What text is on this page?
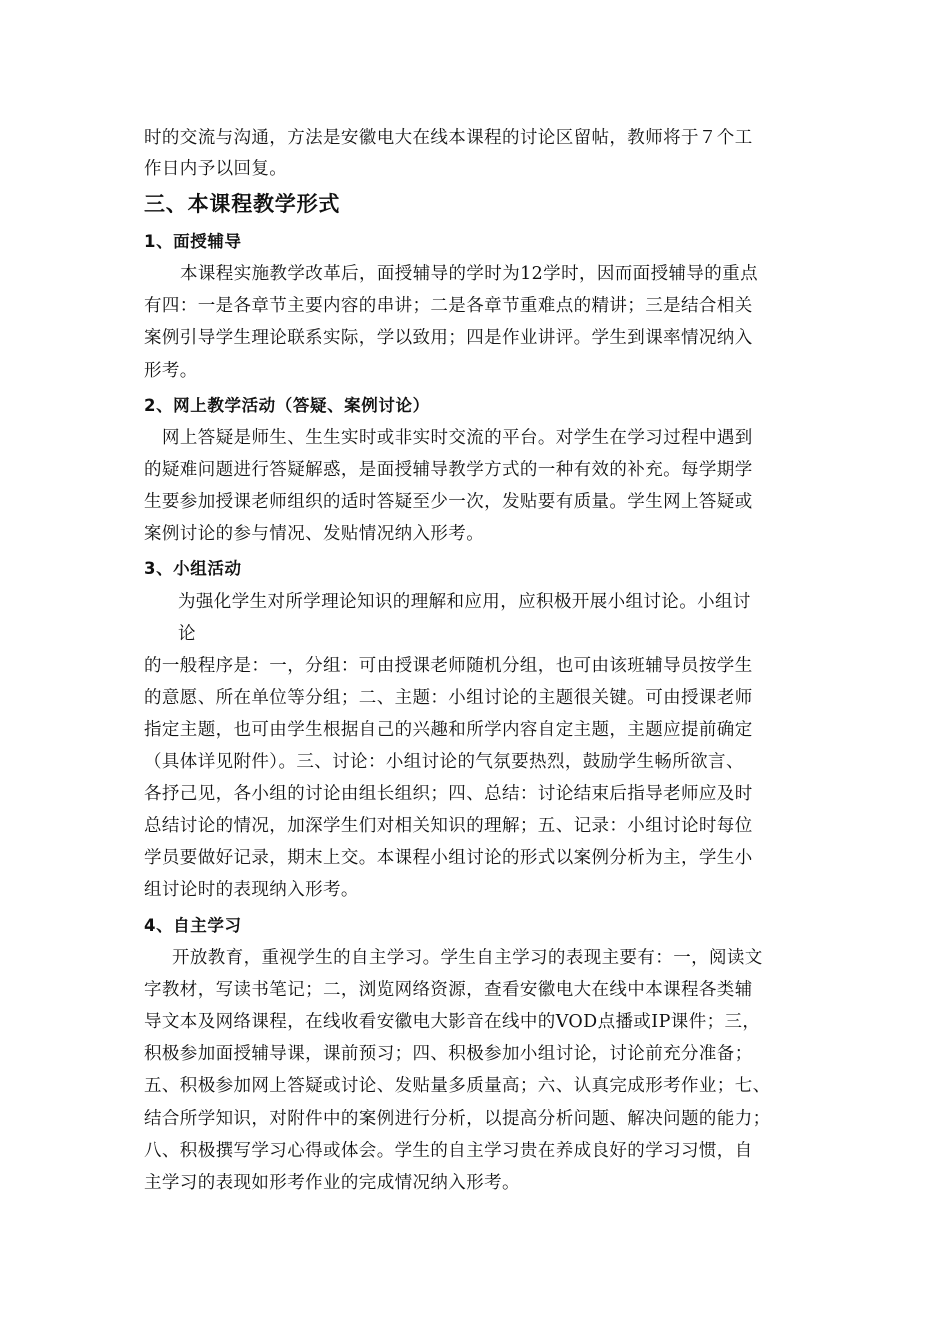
时的交流与沟通，方法是安徽电大在线本课程的讨论区留帖，教师将于７个工
作日内予以回复。
三、本课程教学形式
1、面授辅导
本课程实施教学改革后，面授辅导的学时为12学时，因而面授辅导的重点
有四：一是各章节主要内容的串讲；二是各章节重难点的精讲；三是结合相关
案例引导学生理论联系实际，学以致用；四是作业讲评。学生到课率情况纳入
形考。
2、网上教学活动（答疑、案例讨论）
网上答疑是师生、生生实时或非实时交流的平台。对学生在学习过程中遇到
的疑难问题进行答疑解惑，是面授辅导教学方式的一种有效的补充。每学期学
生要参加授课老师组织的适时答疑至少一次，发贴要有质量。学生网上答疑或
案例讨论的参与情况、发贴情况纳入形考。
3、小组活动
为强化学生对所学理论知识的理解和应用，应积极开展小组讨论。小组讨
论
的一般程序是：一，分组：可由授课老师随机分组，也可由该班辅导员按学生
的意愿、所在单位等分组；二、主题：小组讨论的主题很关键。可由授课老师
指定主题，也可由学生根据自己的兴趣和所学内容自定主题，主题应提前确定
（具体详见附件）。三、讨论：小组讨论的气氛要热烈，鼓励学生畅所欲言、
各抒己见，各小组的讨论由组长组织；四、总结：讨论结束后指导老师应及时
总结讨论的情况，加深学生们对相关知识的理解；五、记录：小组讨论时每位
学员要做好记录，期末上交。本课程小组讨论的形式以案例分析为主，学生小
组讨论时的表现纳入形考。
4、自主学习
开放教育，重视学生的自主学习。学生自主学习的表现主要有：一，阅读文
字教材，写读书笔记；二，浏览网络资源，查看安徽电大在线中本课程各类辅
导文本及网络课程，在线收看安徽电大影音在线中的VOD点播或IP课件；三，
积极参加面授辅导课，课前预习；四、积极参加小组讨论，讨论前充分准备；
五、积极参加网上答疑或讨论、发贴量多质量高；六、认真完成形考作业；七、
结合所学知识，对附件中的案例进行分析，以提高分析问题、解决问题的能力；
八、积极撰写学习心得或体会。学生的自主学习贵在养成良好的学习习惯，自
主学习的表现如形考作业的完成情况纳入形考。
